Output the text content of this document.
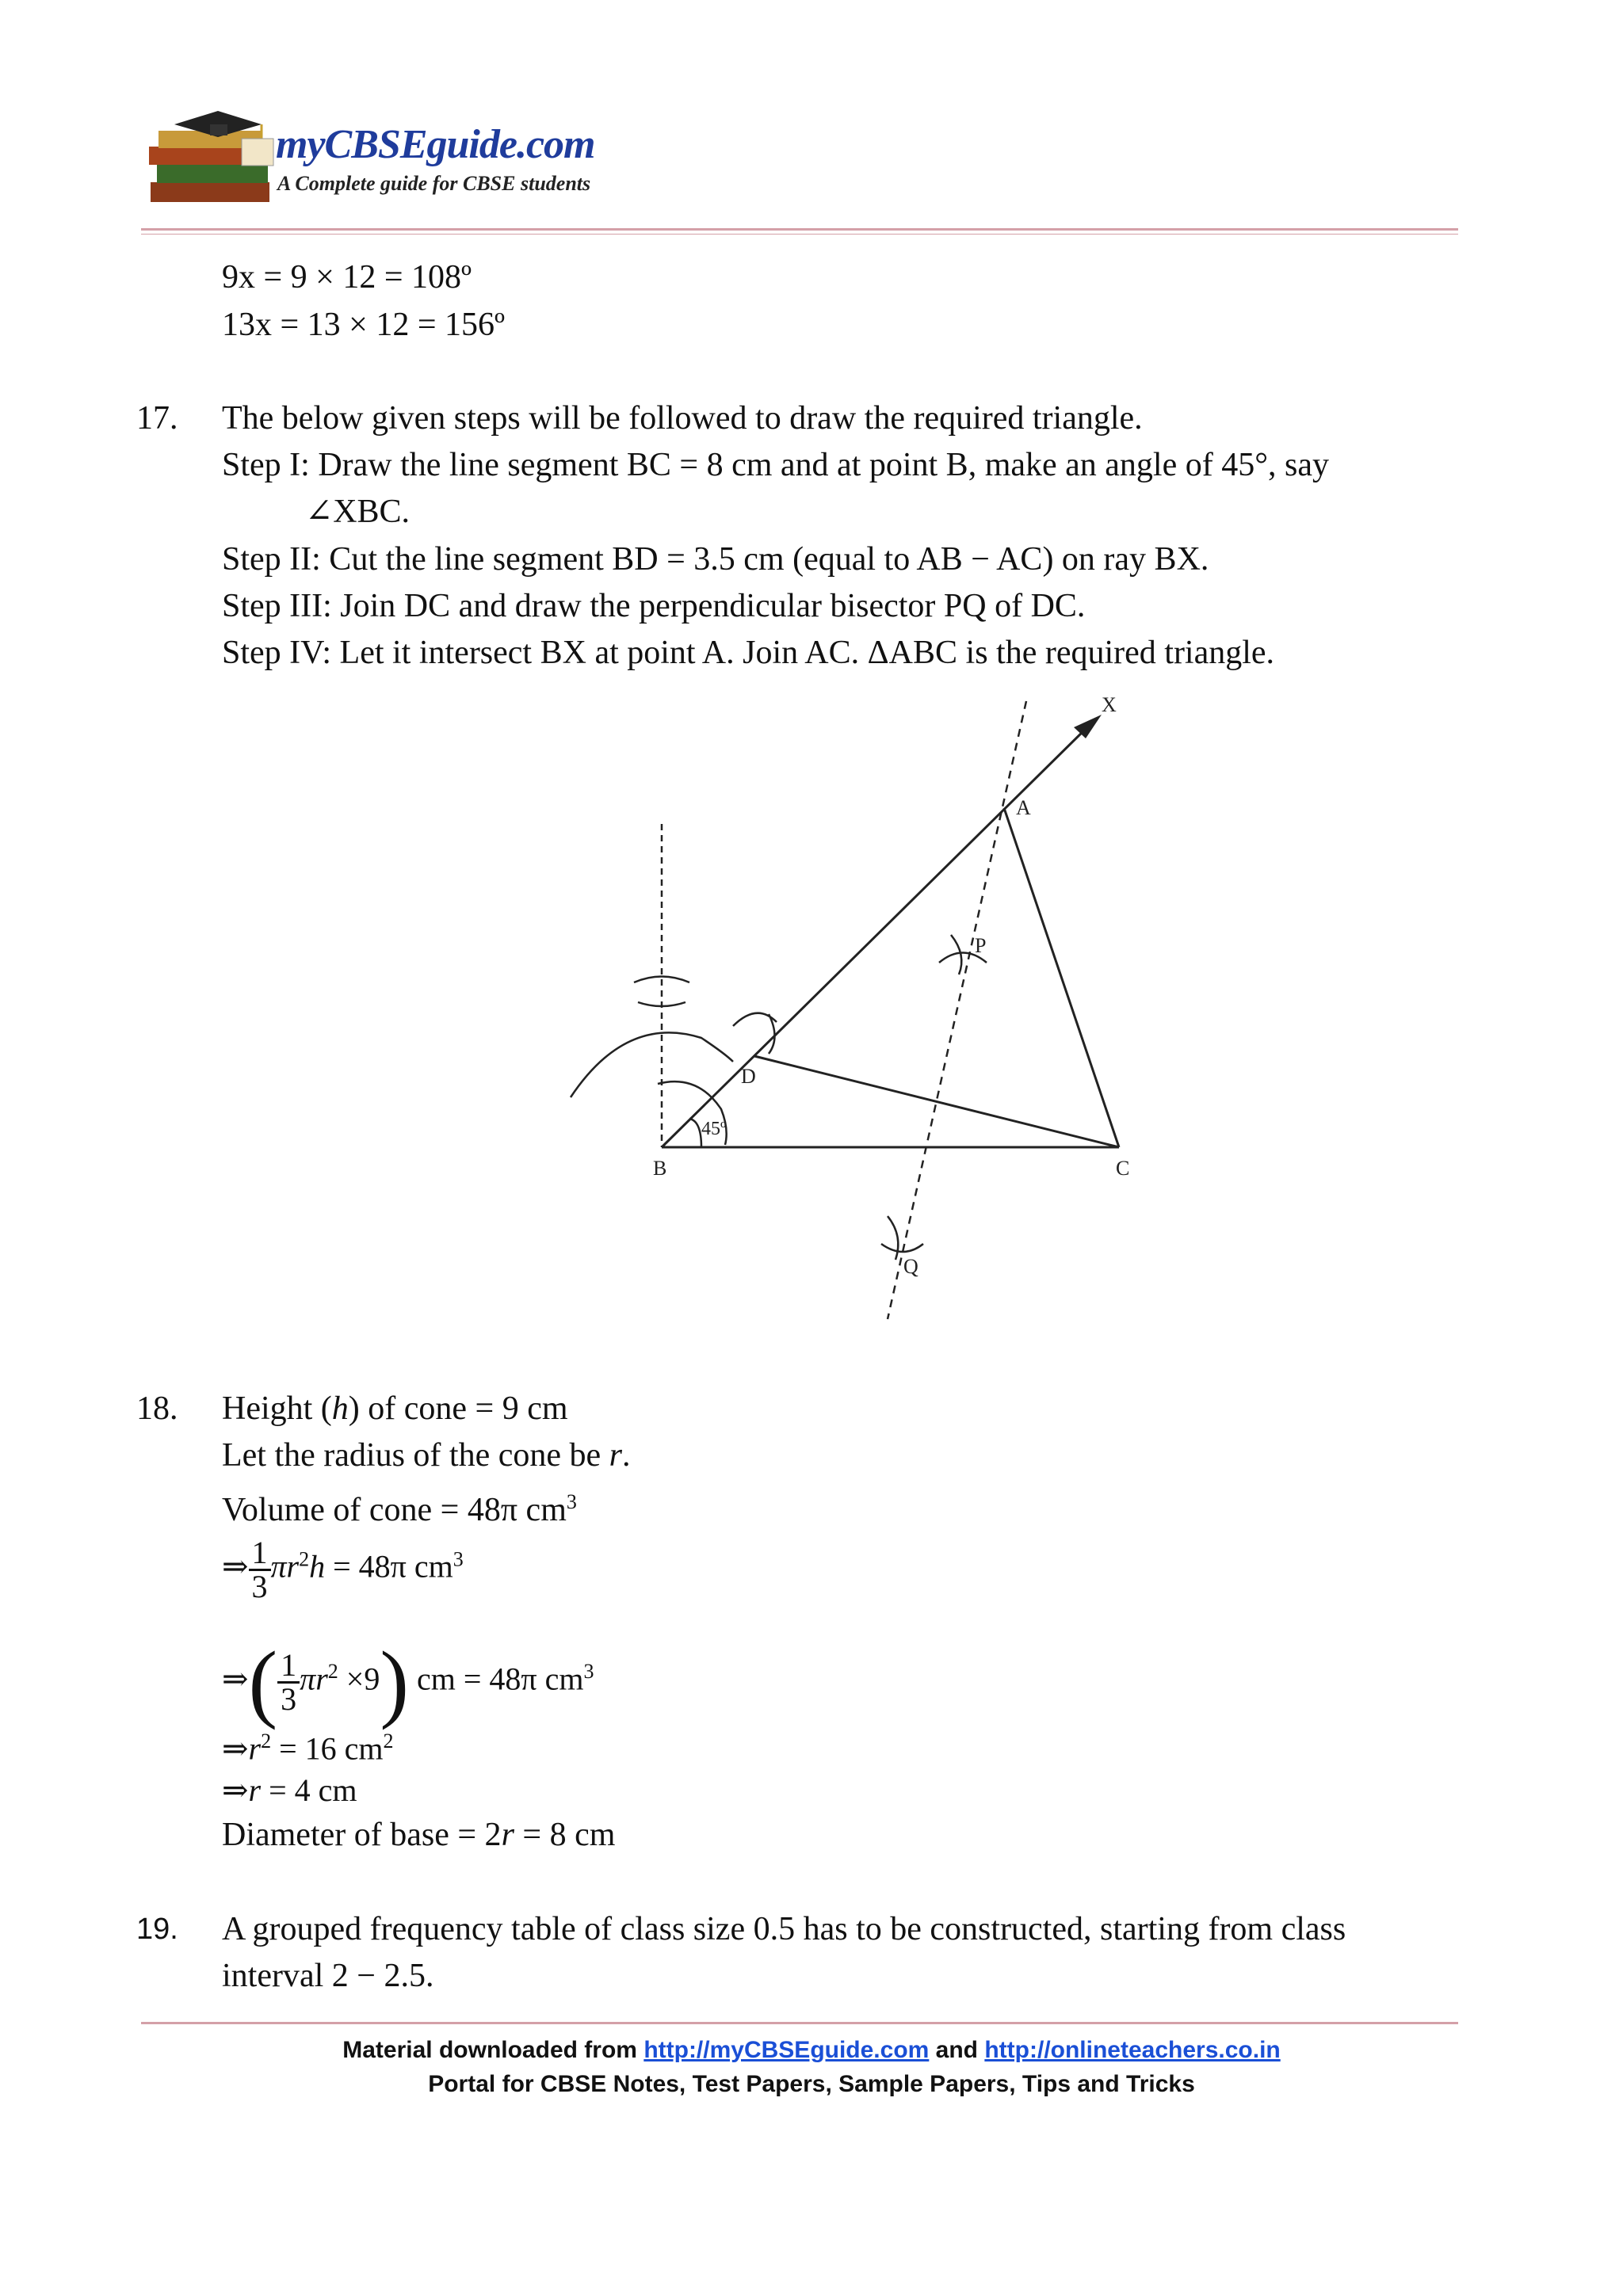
myCBSEguide.com
A Complete guide for CBSE students
9x = 9 × 12 = 108º
13x = 13 × 12 = 156º
17. The below given steps will be followed to draw the required triangle.
Step I: Draw the line segment BC = 8 cm and at point B, make an angle of 45°, say
∠XBC.
Step II: Cut the line segment BD = 3.5 cm (equal to AB − AC) on ray BX.
Step III: Join DC and draw the perpendicular bisector PQ of DC.
Step IV: Let it intersect BX at point A. Join AC. ΔABC is the required triangle.
X
A
P
D
B	C
Q
45º
18. Height (h) of cone = 9 cm
Let the radius of the cone be r.
Volume of cone = 48π $cm^3$
⇒ $\frac{1}{3} \pi r^2h = 48\pi$ $cm^3$
⇒( $\frac{1}{3} \pi r^2 \times 9$) cm = 48π $cm^3$
$\Rightarrow r^2 = 16$ $cm^2$
⇒r = 4 cm
Diameter of base = 2r = 8 cm
19. A grouped frequency table of class size 0.5 has to be constructed, starting from class
interval 2 − 2.5.
Material downloaded from http://myCBSEguide.com and http://onlineteachers.co.in
Portal for CBSE Notes, Test Papers, Sample Papers, Tips and Tricks
